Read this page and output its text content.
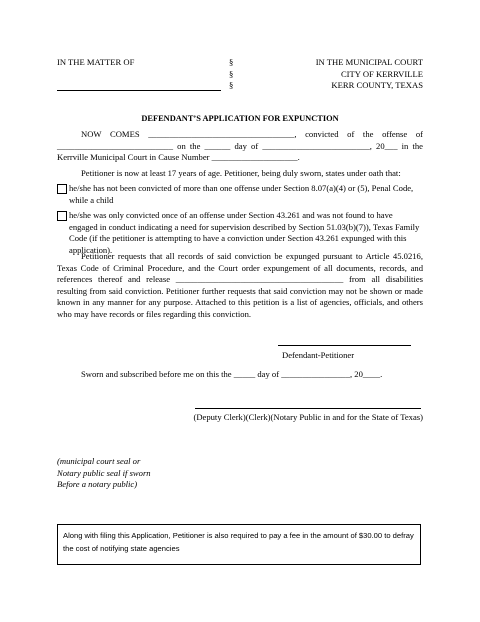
IN THE MATTER OF	§
§
§
IN THE MUNICIPAL COURT
CITY OF KERRVILLE
KERR COUNTY, TEXAS
DEFENDANT’S APPLICATION FOR EXPUNCTION
NOW COMES __________________________________, convicted of the offense of ___________________________ on the ______ day of _________________________, 20___ in the Kerrville Municipal Court in Cause Number ____________________.
Petitioner is now at least 17 years of age. Petitioner, being duly sworn, states under oath that:
he/she has not been convicted of more than one offense under Section 8.07(a)(4) or (5), Penal Code, while a child
he/she was only convicted once of an offense under Section 43.261 and was not found to have engaged in conduct indicating a need for supervision described by Section 51.03(b)(7)), Texas Family Code (if the petitioner is attempting to have a conviction under Section 43.261 expunged with this application).
Petitioner requests that all records of said conviction be expunged pursuant to Article 45.0216, Texas Code of Criminal Procedure, and the Court order expungement of all documents, records, and references thereof and release _______________________________________ from all disabilities resulting from said conviction. Petitioner further requests that said conviction may not be shown or made known in any manner for any purpose. Attached to this petition is a list of agencies, officials, and others who may have records or files regarding this conviction.
Defendant-Petitioner
Sworn and subscribed before me on this the _____ day of ________________, 20____.
(Deputy Clerk)(Clerk)(Notary Public in and for the State of Texas)
(municipal court seal or
Notary public seal if sworn
Before a notary public)
Along with filing this Application, Petitioner is also required to pay a fee in the amount of $30.00 to defray the cost of notifying state agencies
